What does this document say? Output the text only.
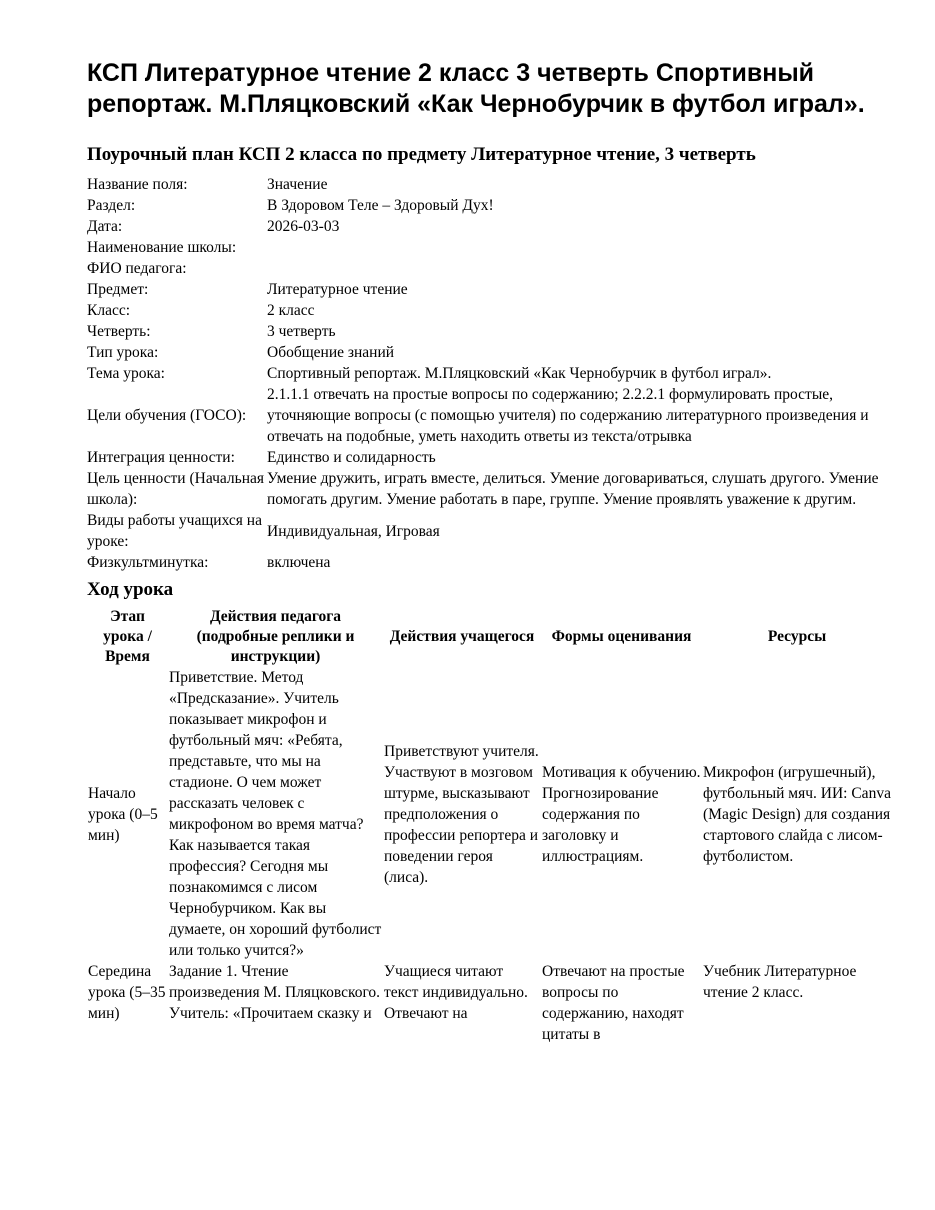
КСП Литературное чтение 2 класс 3 четверть Спортивный репортаж. М.Пляцковский «Как Чернобурчик в футбол играл».
Поурочный план КСП 2 класса по предмету Литературное чтение, 3 четверть
Название поля:	Значение
Раздел:	В Здоровом Теле – Здоровый Дух!
Дата:	2026-03-03
Наименование школы:	
ФИО педагога:	
Предмет:	Литературное чтение
Класс:	2 класс
Четверть:	3 четверть
Тип урока:	Обобщение знаний
Тема урока:	Спортивный репортаж. М.Пляцковский «Как Чернобурчик в футбол играл».
Цели обучения (ГОСО):	2.1.1.1 отвечать на простые вопросы по содержанию; 2.2.2.1 формулировать простые, уточняющие вопросы (с помощью учителя) по содержанию литературного произведения и отвечать на подобные, уметь находить ответы из текста/отрывка
Интеграция ценности:	Единство и солидарность
Цель ценности (Начальная школа):	Умение дружить, играть вместе, делиться. Умение договариваться, слушать другого. Умение помогать другим. Умение работать в паре, группе. Умение проявлять уважение к другим.
Виды работы учащихся на уроке:	Индивидуальная, Игровая
Физкультминутка:	включена
Ход урока
Этап урока / Время	Действия педагога (подробные реплики и инструкции)	Действия учащегося	Формы оценивания	Ресурсы
Начало урока (0–5 мин)	Приветствие. Метод «Предсказание». Учитель показывает микрофон и футбольный мяч: «Ребята, представьте, что мы на стадионе. О чем может рассказать человек с микрофоном во время матча? Как называется такая профессия? Сегодня мы познакомимся с лисом Чернобурчиком. Как вы думаете, он хороший футболист или только учится?»	Приветствуют учителя. Участвуют в мозговом штурме, высказывают предположения о профессии репортера и поведении героя (лиса).	Мотивация к обучению. Прогнозирование содержания по заголовку и иллюстрациям.	Микрофон (игрушечный), футбольный мяч. ИИ: Canva (Magic Design) для создания стартового слайда с лисом-футболистом.
Середина урока (5–35 мин)	Задание 1. Чтение произведения М. Пляцковского. Учитель: «Прочитаем сказку и	Учащиеся читают текст индивидуально. Отвечают на	Отвечают на простые вопросы по содержанию, находят цитаты в	Учебник Литературное чтение 2 класс.
